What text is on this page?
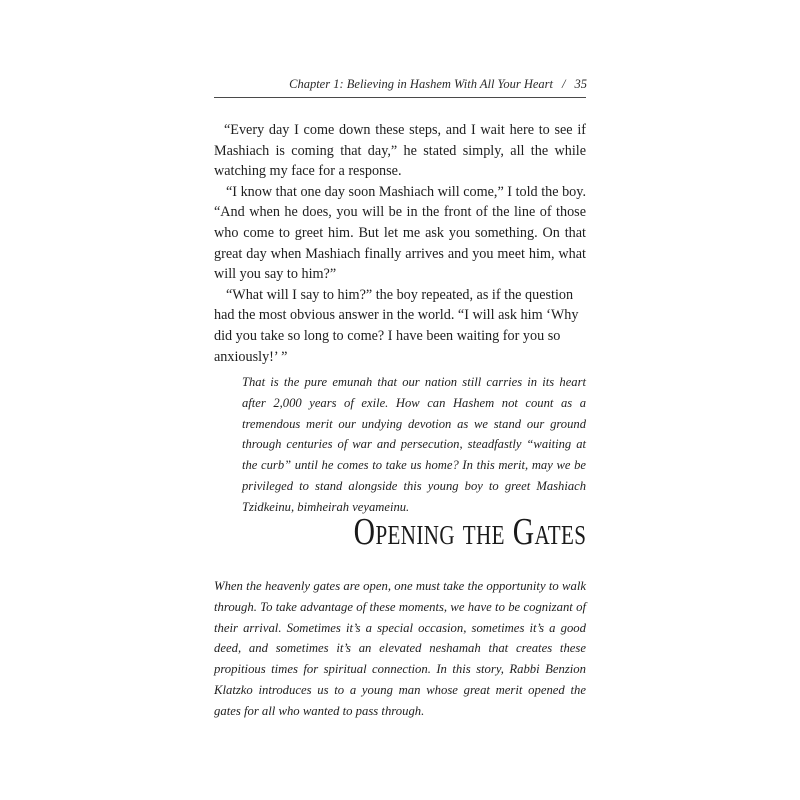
Chapter 1: Believing in Hashem With All Your Heart / 35

“Every day I come down these steps, and I wait here to see if Mashiach is coming that day,” he stated simply, all the while watching my face for a response.

“I know that one day soon Mashiach will come,” I told the boy. “And when he does, you will be in the front of the line of those who come to greet him. But let me ask you something. On that great day when Mashiach finally arrives and you meet him, what will you say to him?”

“What will I say to him?” the boy repeated, as if the question had the most obvious answer in the world. “I will ask him ‘Why did you take so long to come? I have been waiting for you so anxiously!’ ”

That is the pure emunah that our nation still carries in its heart after 2,000 years of exile. How can Hashem not count as a tremendous merit our undying devotion as we stand our ground through centuries of war and persecution, steadfastly “waiting at the curb” until he comes to take us home? In this merit, may we be privileged to stand alongside this young boy to greet Mashiach Tzidkeinu, bimheirah veyameinu.
Opening the Gates

When the heavenly gates are open, one must take the opportunity to walk through. To take advantage of these moments, we have to be cognizant of their arrival. Sometimes it’s a special occasion, sometimes it’s a good deed, and sometimes it’s an elevated neshamah that creates these propitious times for spiritual connection. In this story, Rabbi Benzion Klatzko introduces us to a young man whose great merit opened the gates for all who wanted to pass through.
